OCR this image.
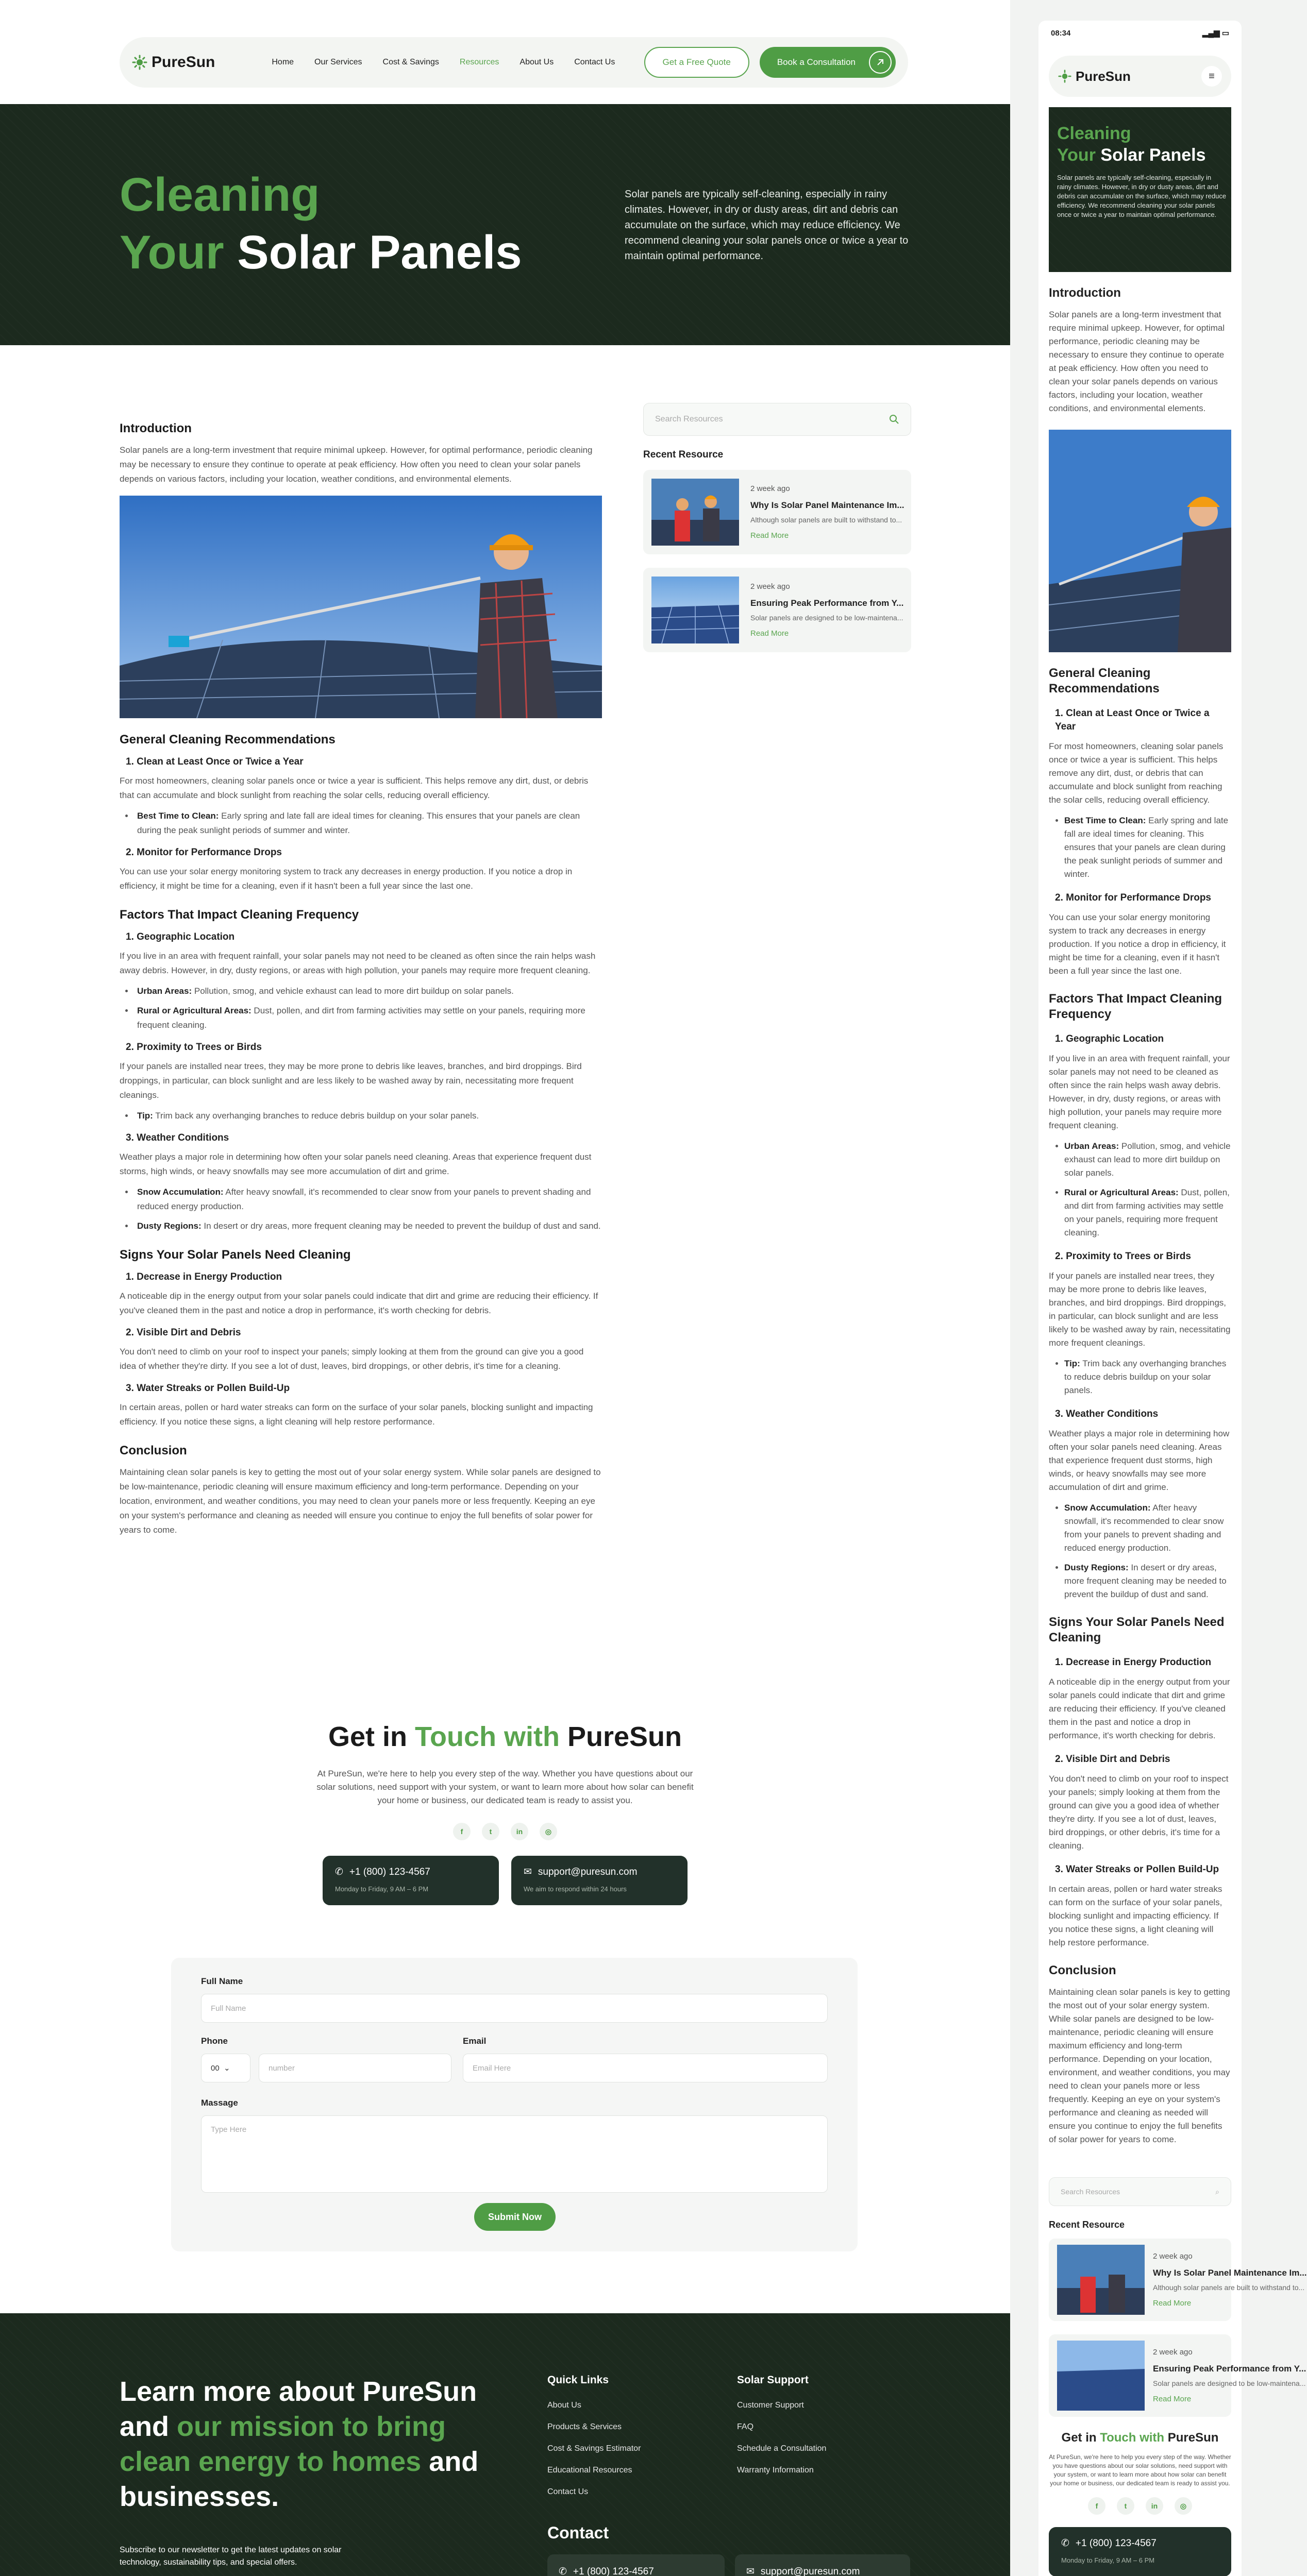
PureSun	Home	Our Services	Cost & Savings	Resources	About Us	Contact Us	Get a Free Quote	Book a Consultation
Cleaning
Your Solar Panels

Solar panels are typically self-cleaning, especially in rainy climates. However, in dry or dusty areas, dirt and debris can accumulate on the surface, which may reduce efficiency. We recommend cleaning your solar panels once or twice a year to maintain optimal performance.

Introduction

Solar panels are a long-term investment that require minimal upkeep. However, for optimal performance, periodic cleaning may be necessary to ensure they continue to operate at peak efficiency. How often you need to clean your solar panels depends on various factors, including your location, weather conditions, and environmental elements.

General Cleaning Recommendations
1. Clean at Least Once or Twice a Year

For most homeowners, cleaning solar panels once or twice a year is sufficient. This helps remove any dirt, dust, or debris that can accumulate and block sunlight from reaching the solar cells, reducing overall efficiency.

• Best Time to Clean: Early spring and late fall are ideal times for cleaning. This ensures that your panels are clean during the peak sunlight periods of summer and winter.
2. Monitor for Performance Drops

You can use your solar energy monitoring system to track any decreases in energy production. If you notice a drop in efficiency, it might be time for a cleaning, even if it hasn't been a full year since the last one.

Factors That Impact Cleaning Frequency
1. Geographic Location

If you live in an area with frequent rainfall, your solar panels may not need to be cleaned as often since the rain helps wash away debris. However, in dry, dusty regions, or areas with high pollution, your panels may require more frequent cleaning.

• Urban Areas: Pollution, smog, and vehicle exhaust can lead to more dirt buildup on solar panels.
• Rural or Agricultural Areas: Dust, pollen, and dirt from farming activities may settle on your panels, requiring more frequent cleaning.
2. Proximity to Trees or Birds

If your panels are installed near trees, they may be more prone to debris like leaves, branches, and bird droppings. Bird droppings, in particular, can block sunlight and are less likely to be washed away by rain, necessitating more frequent cleanings.

• Tip: Trim back any overhanging branches to reduce debris buildup on your solar panels.
3. Weather Conditions

Weather plays a major role in determining how often your solar panels need cleaning. Areas that experience frequent dust storms, high winds, or heavy snowfalls may see more accumulation of dirt and grime.

• Snow Accumulation: After heavy snowfall, it's recommended to clear snow from your panels to prevent shading and reduced energy production.
• Dusty Regions: In desert or dry areas, more frequent cleaning may be needed to prevent the buildup of dust and sand.
Signs Your Solar Panels Need Cleaning
1. Decrease in Energy Production

A noticeable dip in the energy output from your solar panels could indicate that dirt and grime are reducing their efficiency. If you've cleaned them in the past and notice a drop in performance, it's worth checking for debris.

2. Visible Dirt and Debris

You don't need to climb on your roof to inspect your panels; simply looking at them from the ground can give you a good idea of whether they're dirty. If you see a lot of dust, leaves, bird droppings, or other debris, it's time for a cleaning.

3. Water Streaks or Pollen Build-Up

In certain areas, pollen or hard water streaks can form on the surface of your solar panels, blocking sunlight and impacting efficiency. If you notice these signs, a light cleaning will help restore performance.

Conclusion

Maintaining clean solar panels is key to getting the most out of your solar energy system. While solar panels are designed to be low-maintenance, periodic cleaning will ensure maximum efficiency and long-term performance. Depending on your location, environment, and weather conditions, you may need to clean your panels more or less frequently. Keeping an eye on your system's performance and cleaning as needed will ensure you continue to enjoy the full benefits of solar power for years to come.

Search Resources
Recent Resource
2 week ago
Why Is Solar Panel Maintenance Im...
Although solar panels are built to withstand to...
Read More
2 week ago
Ensuring Peak Performance from Y...
Solar panels are designed to be low-maintena...
Read More
Get in Touch with PureSun

At PureSun, we're here to help you every step of the way. Whether you have questions about our solar solutions, need support with your system, or want to learn more about how solar can benefit your home or business, our dedicated team is ready to assist you.

f	t	in	◎
✆ +1 (800) 123-4567
Monday to Friday, 9 AM – 6 PM
✉ support@puresun.com
We aim to respond within 24 hours
Full Name
Full Name
Phone
00
⌄	number
Email
Email Here
Massage
Type Here
Submit Now
Learn more about PureSun and our mission to bring clean energy to homes and businesses.
Subscribe to our newsletter to get the latest updates on solar technology, sustainability tips, and special offers.
Quick Links
About Us
Products & Services
Cost & Savings Estimator
Educational Resources
Contact Us
Solar Support
Customer Support
FAQ
Schedule a Consultation
Warranty Information
Contact
✆ +1 (800) 123-4567	✉ support@puresun.com
08:34	▂▄▆ ▭
PureSun	≡
Cleaning
Your Solar Panels

Solar panels are typically self-cleaning, especially in rainy climates. However, in dry or dusty areas, dirt and debris can accumulate on the surface, which may reduce efficiency. We recommend cleaning your solar panels once or twice a year to maintain optimal performance.

Introduction

Solar panels are a long-term investment that require minimal upkeep. However, for optimal performance, periodic cleaning may be necessary to ensure they continue to operate at peak efficiency. How often you need to clean your solar panels depends on various factors, including your location, weather conditions, and environmental elements.

General Cleaning Recommendations
1. Clean at Least Once or Twice a Year

For most homeowners, cleaning solar panels once or twice a year is sufficient. This helps remove any dirt, dust, or debris that can accumulate and block sunlight from reaching the solar cells, reducing overall efficiency.

• Best Time to Clean: Early spring and late fall are ideal times for cleaning. This ensures that your panels are clean during the peak sunlight periods of summer and winter.
2. Monitor for Performance Drops

You can use your solar energy monitoring system to track any decreases in energy production. If you notice a drop in efficiency, it might be time for a cleaning, even if it hasn't been a full year since the last one.

Factors That Impact Cleaning Frequency
1. Geographic Location

If you live in an area with frequent rainfall, your solar panels may not need to be cleaned as often since the rain helps wash away debris. However, in dry, dusty regions, or areas with high pollution, your panels may require more frequent cleaning.

• Urban Areas: Pollution, smog, and vehicle exhaust can lead to more dirt buildup on solar panels.
• Rural or Agricultural Areas: Dust, pollen, and dirt from farming activities may settle on your panels, requiring more frequent cleaning.
2. Proximity to Trees or Birds

If your panels are installed near trees, they may be more prone to debris like leaves, branches, and bird droppings. Bird droppings, in particular, can block sunlight and are less likely to be washed away by rain, necessitating more frequent cleanings.

• Tip: Trim back any overhanging branches to reduce debris buildup on your solar panels.
3. Weather Conditions

Weather plays a major role in determining how often your solar panels need cleaning. Areas that experience frequent dust storms, high winds, or heavy snowfalls may see more accumulation of dirt and grime.

• Snow Accumulation: After heavy snowfall, it's recommended to clear snow from your panels to prevent shading and reduced energy production.
• Dusty Regions: In desert or dry areas, more frequent cleaning may be needed to prevent the buildup of dust and sand.
Signs Your Solar Panels Need Cleaning
1. Decrease in Energy Production

A noticeable dip in the energy output from your solar panels could indicate that dirt and grime are reducing their efficiency. If you've cleaned them in the past and notice a drop in performance, it's worth checking for debris.

2. Visible Dirt and Debris

You don't need to climb on your roof to inspect your panels; simply looking at them from the ground can give you a good idea of whether they're dirty. If you see a lot of dust, leaves, bird droppings, or other debris, it's time for a cleaning.

3. Water Streaks or Pollen Build-Up

In certain areas, pollen or hard water streaks can form on the surface of your solar panels, blocking sunlight and impacting efficiency. If you notice these signs, a light cleaning will help restore performance.

Conclusion

Maintaining clean solar panels is key to getting the most out of your solar energy system. While solar panels are designed to be low-maintenance, periodic cleaning will ensure maximum efficiency and long-term performance. Depending on your location, environment, and weather conditions, you may need to clean your panels more or less frequently. Keeping an eye on your system's performance and cleaning as needed will ensure you continue to enjoy the full benefits of solar power for years to come.

Search Resources	⌕
Recent Resource
2 week ago
Why Is Solar Panel Maintenance Im...
Although solar panels are built to withstand to...
Read More
2 week ago
Ensuring Peak Performance from Y...
Solar panels are designed to be low-maintena...
Read More
Get in Touch with PureSun

At PureSun, we're here to help you every step of the way. Whether you have questions about our solar solutions, need support with your system, or want to learn more about how solar can benefit your home or business, our dedicated team is ready to assist you.

f	t	in	◎
✆ +1 (800) 123-4567
Monday to Friday, 9 AM – 6 PM
